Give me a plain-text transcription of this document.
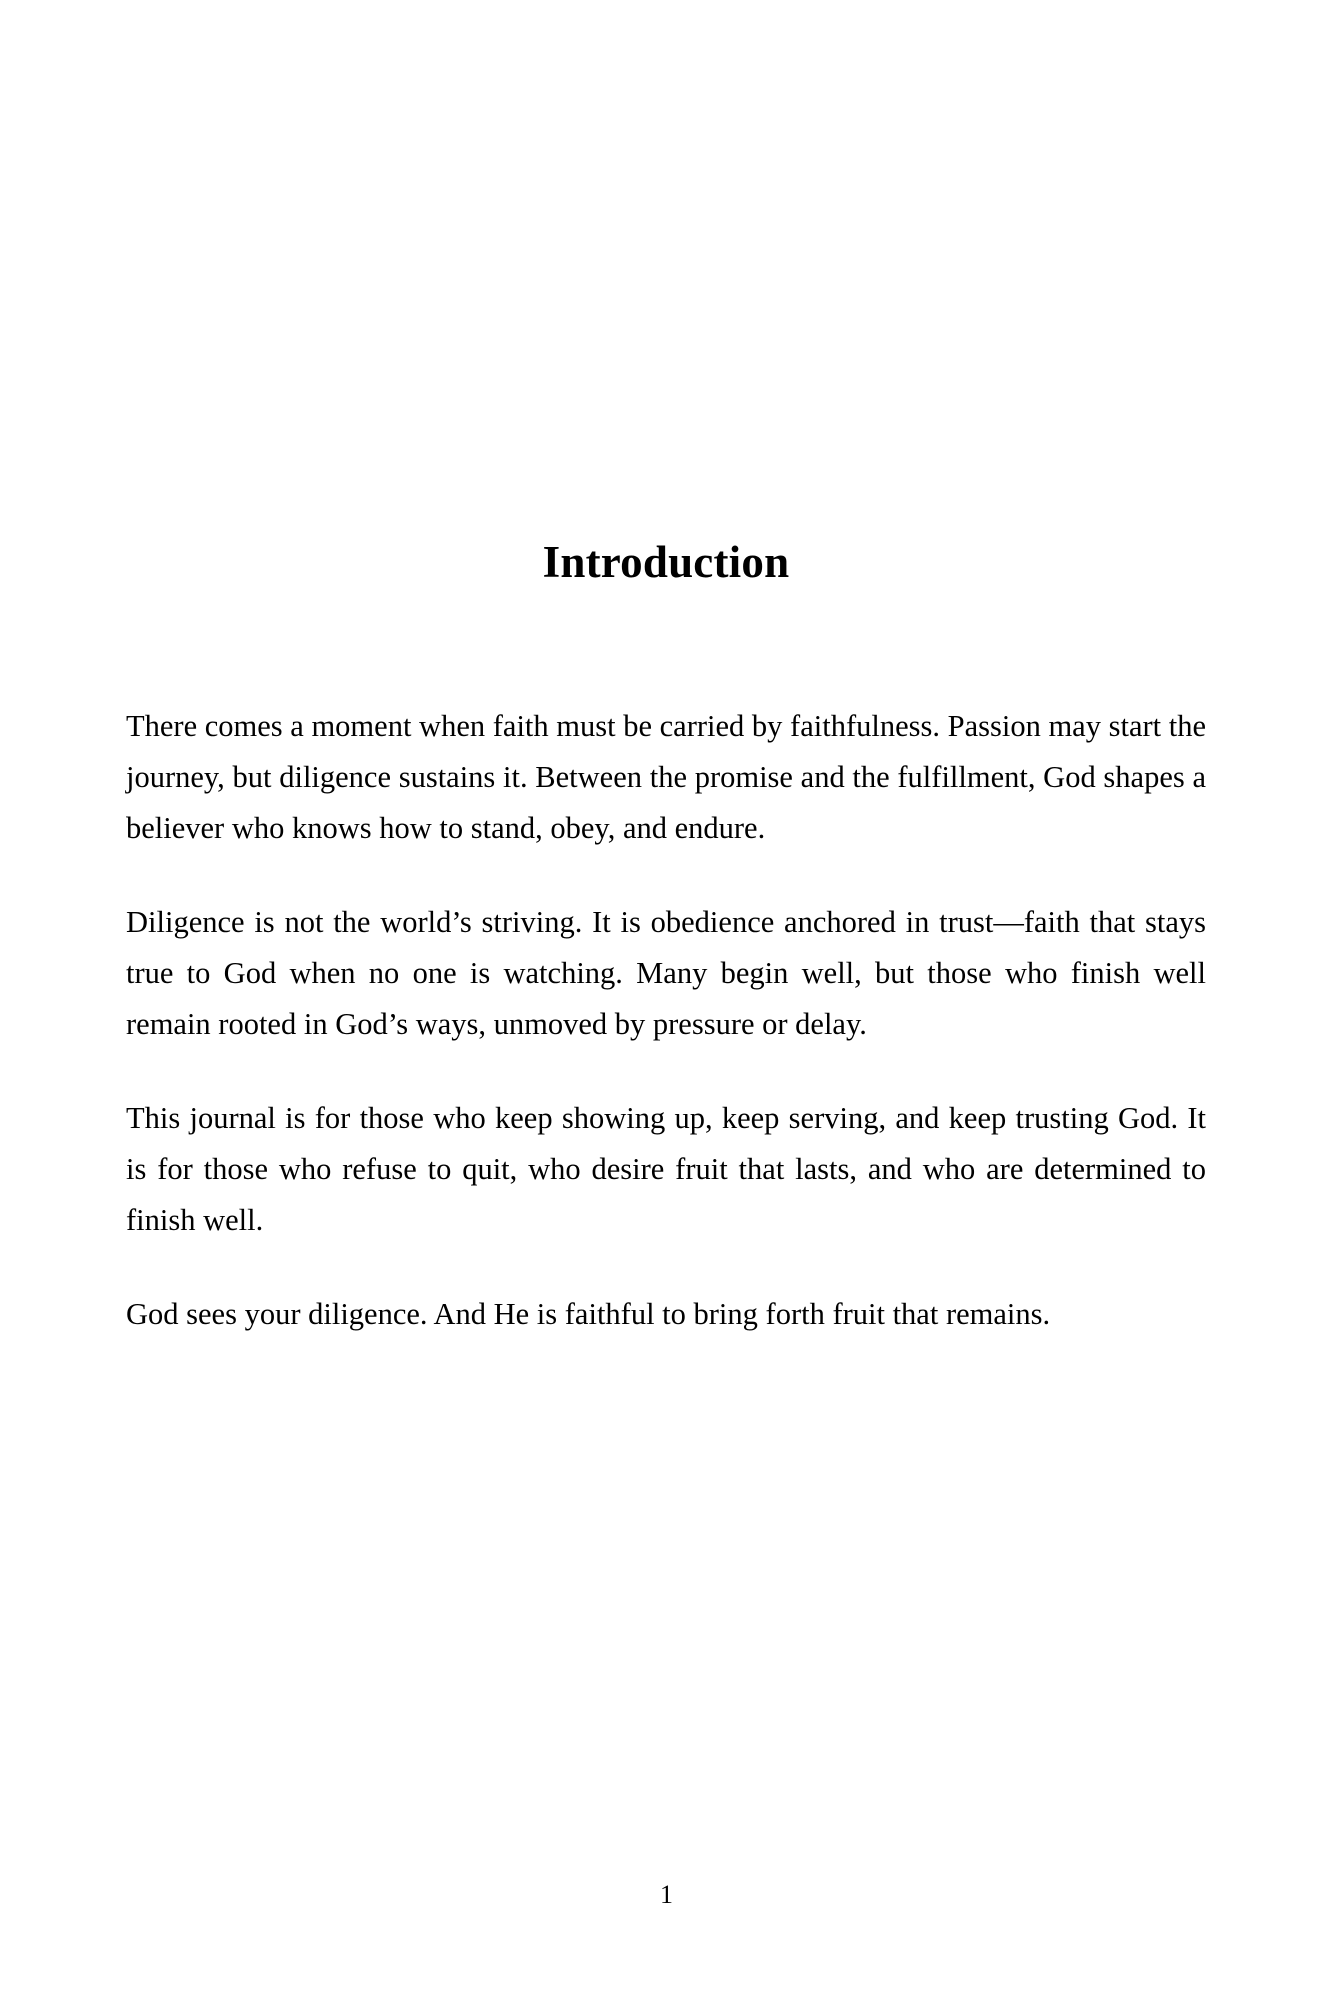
Introduction

There comes a moment when faith must be carried by faithfulness. Passion may start the journey, but diligence sustains it. Between the promise and the fulfillment, God shapes a believer who knows how to stand, obey, and endure.

Diligence is not the world’s striving. It is obedience anchored in trust—faith that stays true to God when no one is watching. Many begin well, but those who finish well remain rooted in God’s ways, unmoved by pressure or delay.

This journal is for those who keep showing up, keep serving, and keep trusting God. It is for those who refuse to quit, who desire fruit that lasts, and who are determined to finish well.

God sees your diligence. And He is faithful to bring forth fruit that remains.

1
